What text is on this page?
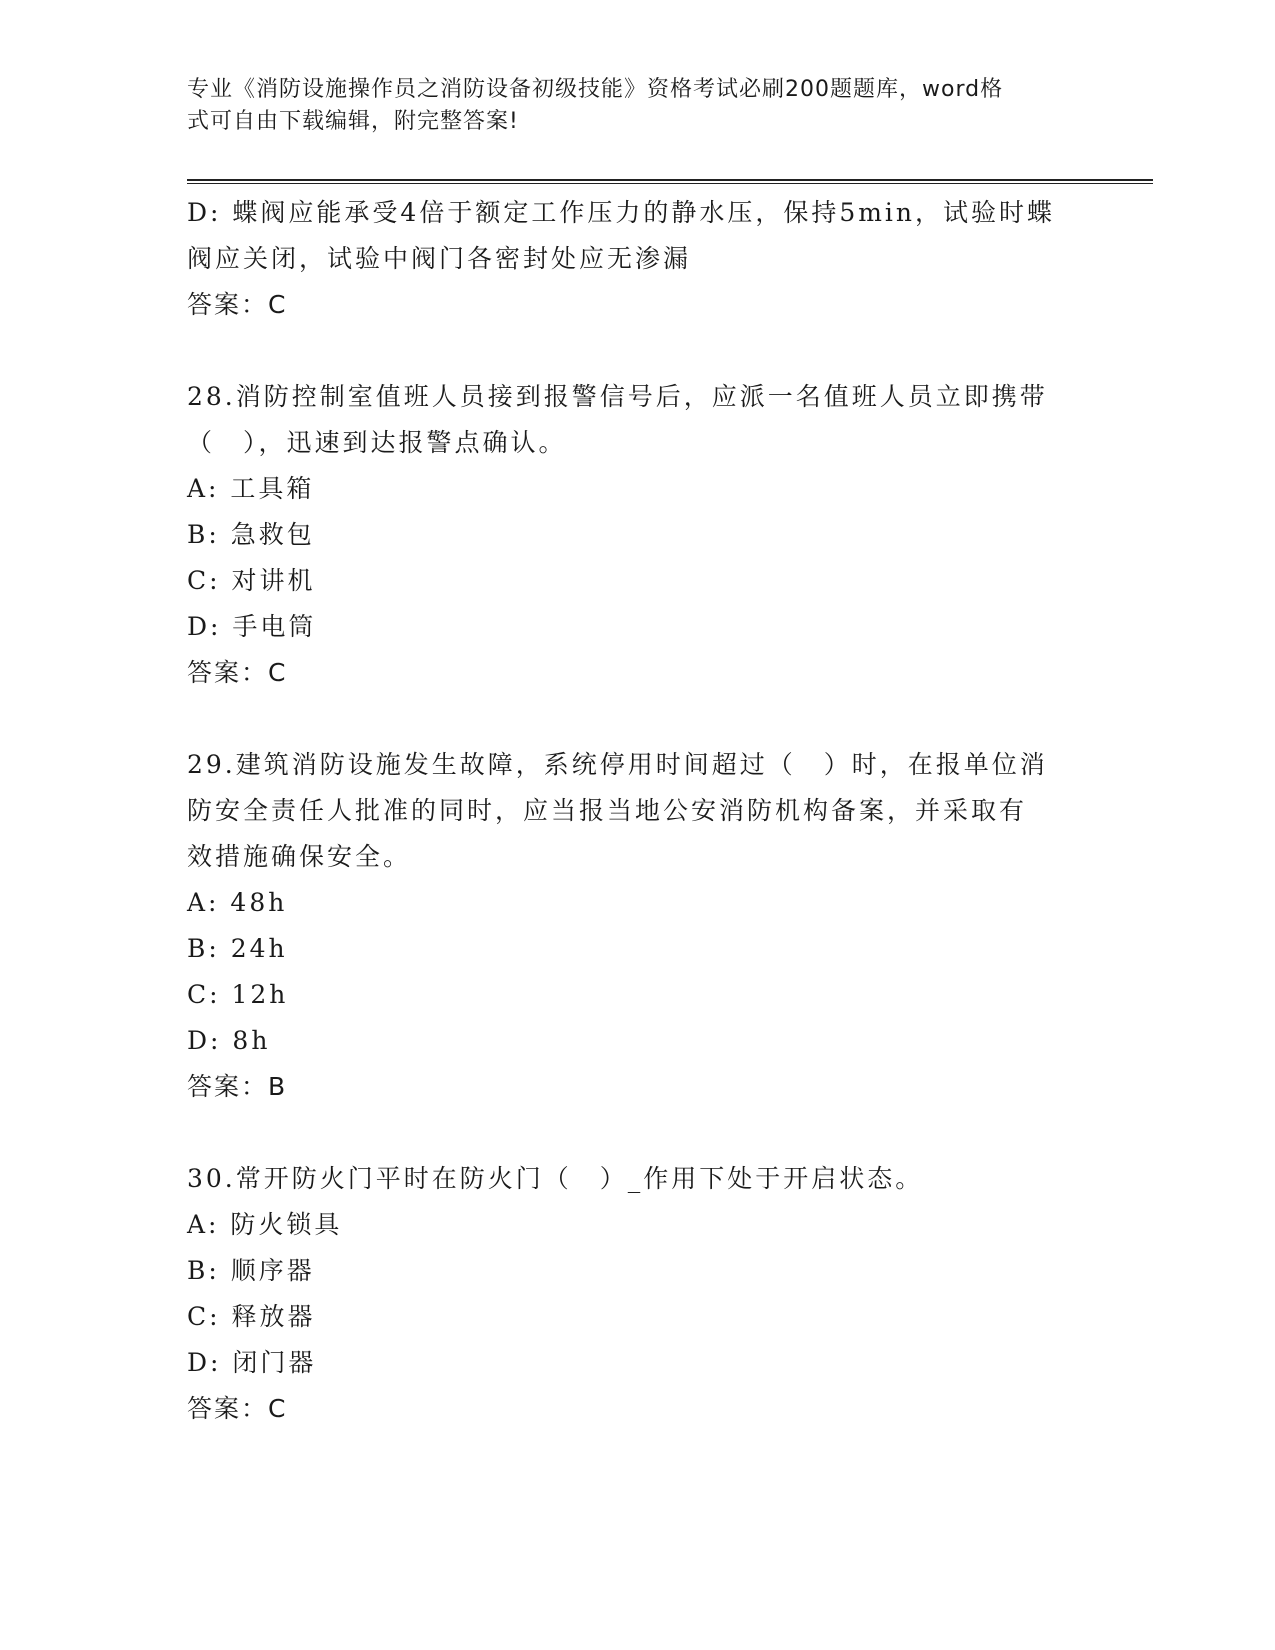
专业《消防设施操作员之消防设备初级技能》资格考试必刷200题题库，word格
式可自由下载编辑，附完整答案!
D: 蝶阀应能承受4倍于额定工作压力的静水压，保持5min，试验时蝶
阀应关闭，试验中阀门各密封处应无渗漏
答案：C
28.消防控制室值班人员接到报警信号后，应派一名值班人员立即携带
（　），迅速到达报警点确认。
A: 工具箱
B: 急救包
C: 对讲机
D: 手电筒
答案：C
29.建筑消防设施发生故障，系统停用时间超过（　）时，在报单位消
防安全责任人批准的同时，应当报当地公安消防机构备案，并采取有
效措施确保安全。
A: 48h
B: 24h
C: 12h
D: 8h
答案：B
30.常开防火门平时在防火门（　）_作用下处于开启状态。
A: 防火锁具
B: 顺序器
C: 释放器
D: 闭门器
答案：C
